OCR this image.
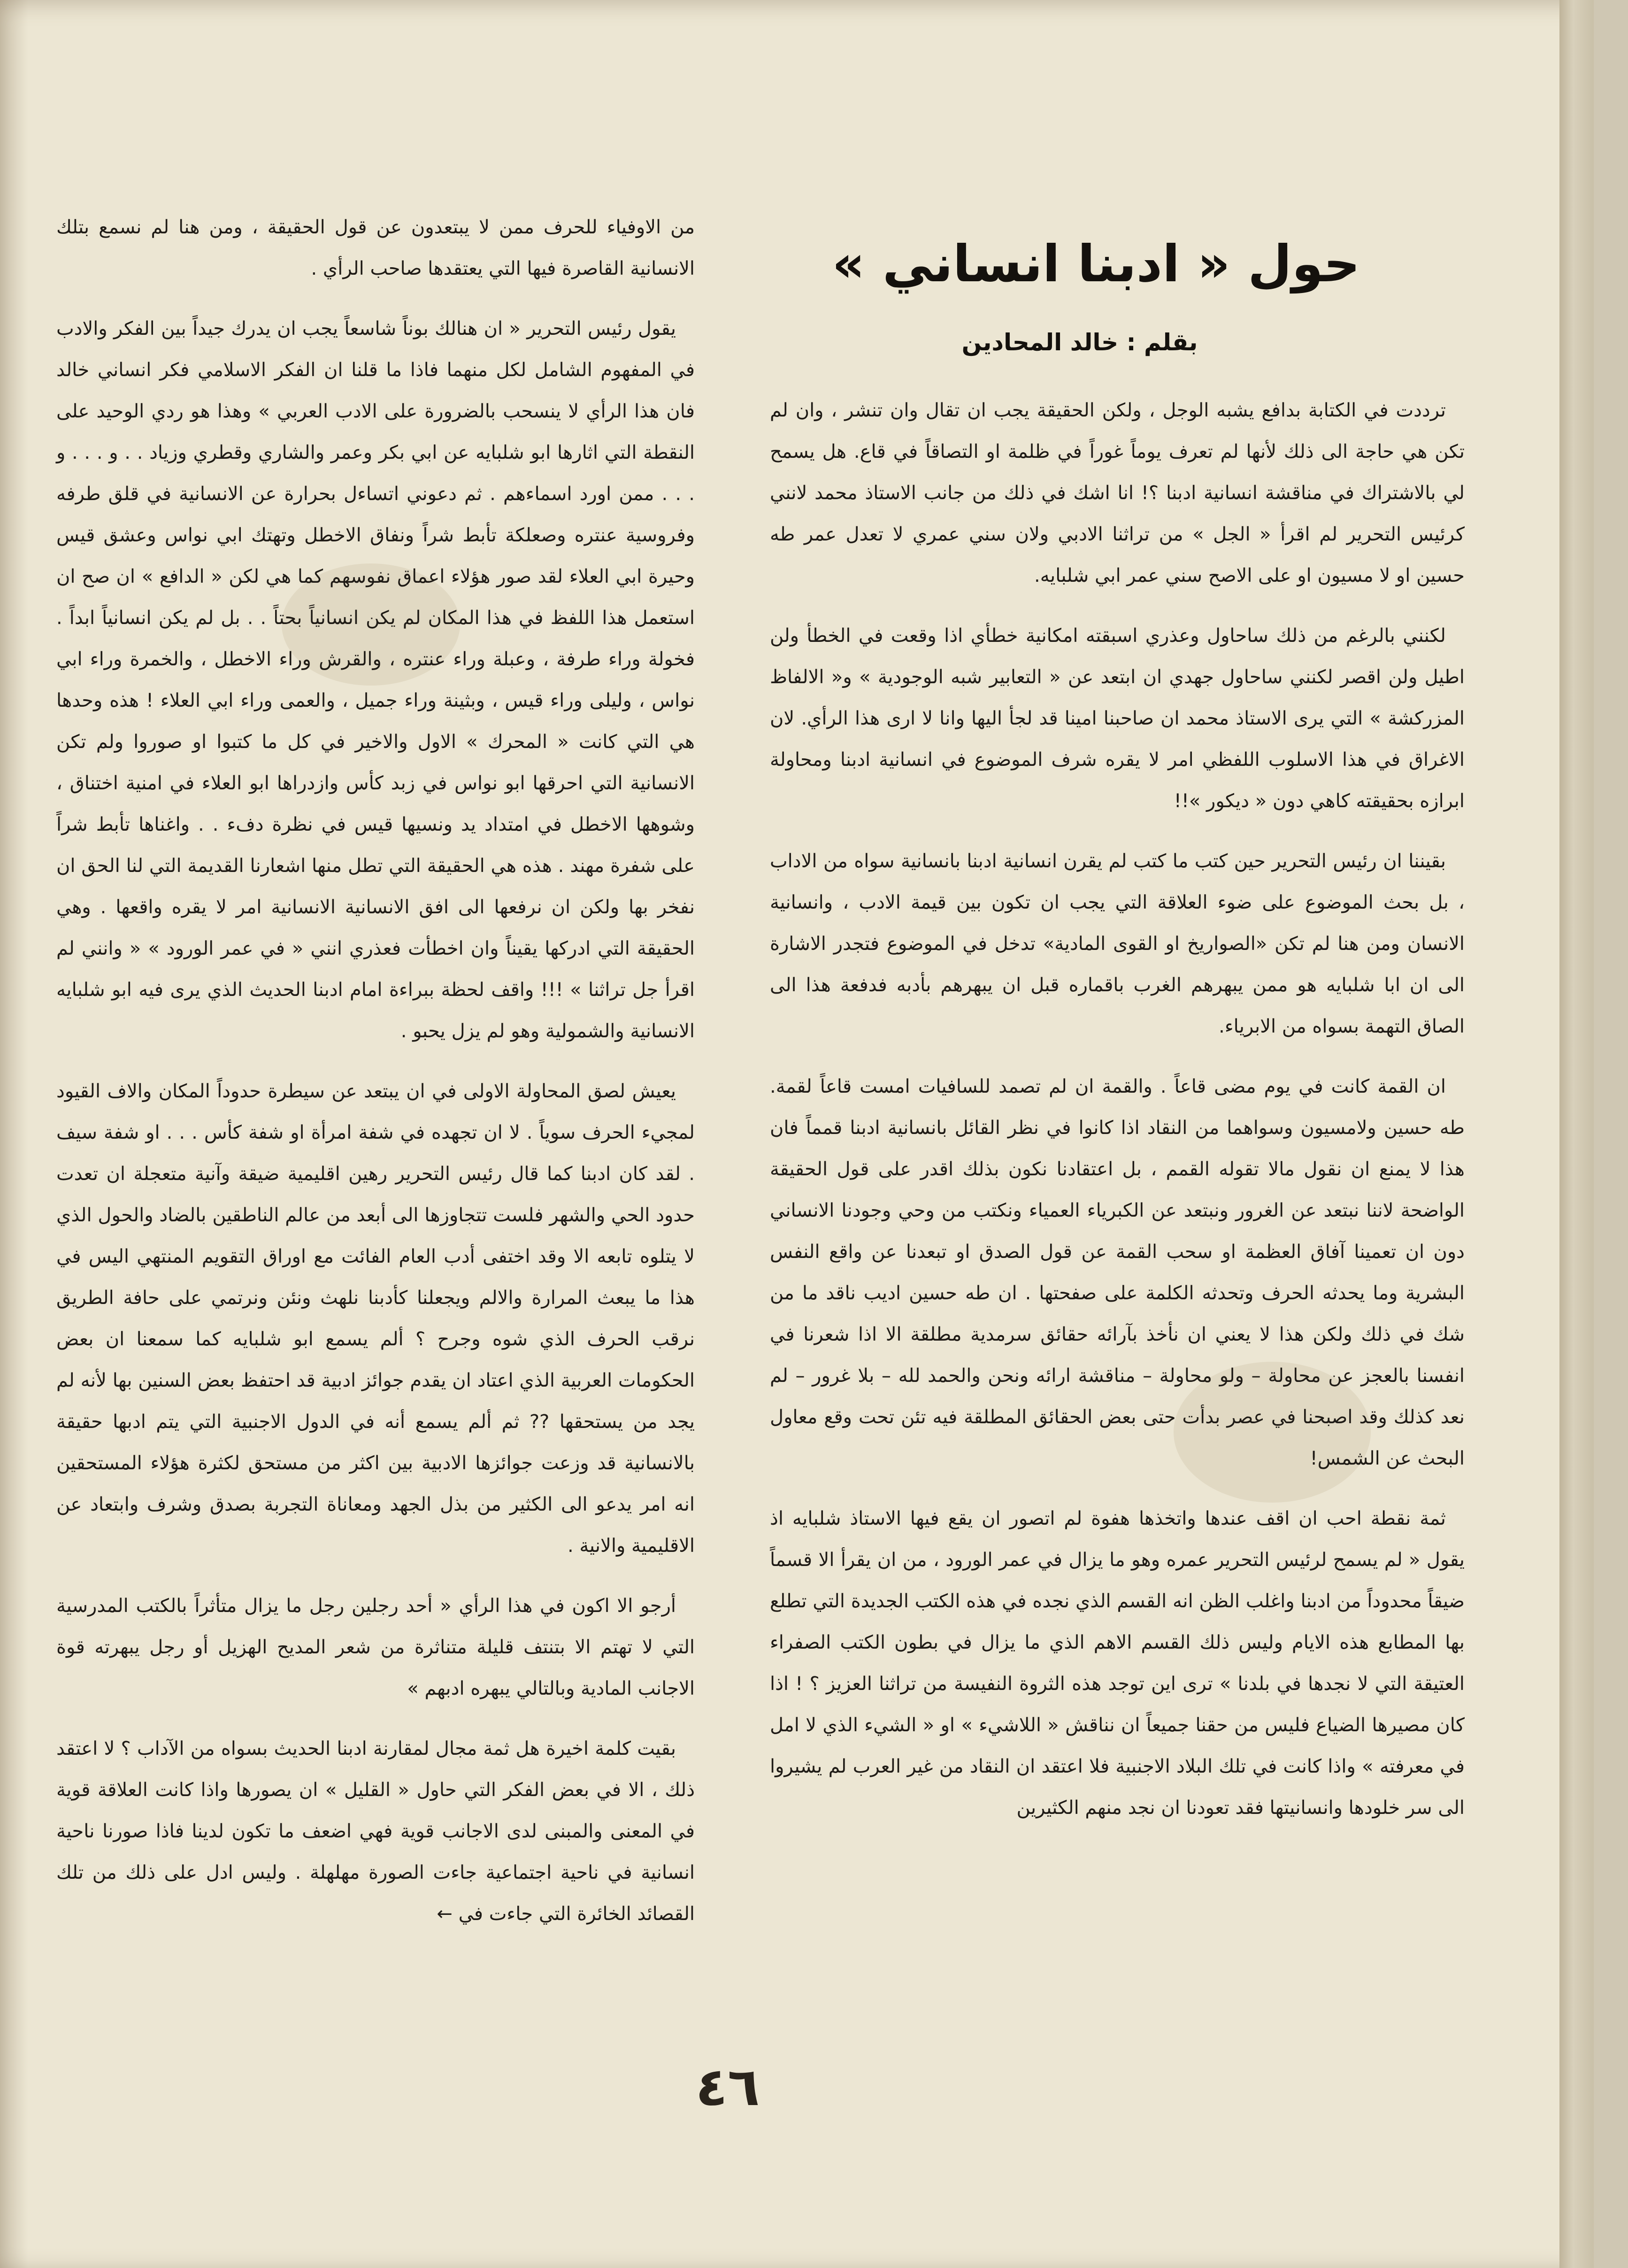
حول « ادبنا انساني »
بقلم : خالد المحادين

ترددت في الكتابة بدافع يشبه الوجل ، ولكن الحقيقة يجب ان تقال وان تنشر ، وان لم تكن هي حاجة الى ذلك لأنها لم تعرف يوماً غوراً في ظلمة او التصاقاً في قاع. هل يسمح لي بالاشتراك في مناقشة انسانية ادبنا ؟! انا اشك في ذلك من جانب الاستاذ محمد لانني كرئيس التحرير لم اقرأ « الجل » من تراثنا الادبي ولان سني عمري لا تعدل عمر طه حسين او لا مسيون او على الاصح سني عمر ابي شلبايه.

لكنني بالرغم من ذلك ساحاول وعذري اسبقته امكانية خطأي اذا وقعت في الخطأ ولن اطيل ولن اقصر لكنني ساحاول جهدي ان ابتعد عن « التعابير شبه الوجودية » و« الالفاظ المزركشة » التي يرى الاستاذ محمد ان صاحبنا امينا قد لجأ اليها وانا لا ارى هذا الرأي. لان الاغراق في هذا الاسلوب اللفظي امر لا يقره شرف الموضوع في انسانية ادبنا ومحاولة ابرازه بحقيقته كاهي دون « ديكور »!!

بقيننا ان رئيس التحرير حين كتب ما كتب لم يقرن انسانية ادبنا بانسانية سواه من الاداب ، بل بحث الموضوع على ضوء العلاقة التي يجب ان تكون بين قيمة الادب ، وانسانية الانسان ومن هنا لم تكن «الصواريخ او القوى المادية» تدخل في الموضوع فتجدر الاشارة الى ان ابا شلبايه هو ممن يبهرهم الغرب باقماره قبل ان يبهرهم بأدبه فدفعة هذا الى الصاق التهمة بسواه من الابرياء.

ان القمة كانت في يوم مضى قاعاً . والقمة ان لم تصمد للسافيات امست قاعاً لقمة. طه حسين ولامسيون وسواهما من النقاد اذا كانوا في نظر القائل بانسانية ادبنا قمماً فان هذا لا يمنع ان نقول مالا تقوله القمم ، بل اعتقادنا نكون بذلك اقدر على قول الحقيقة الواضحة لاننا نبتعد عن الغرور ونبتعد عن الكبرياء العمياء ونكتب من وحي وجودنا الانساني دون ان تعمينا آفاق العظمة او سحب القمة عن قول الصدق او تبعدنا عن واقع النفس البشرية وما يحدثه الحرف وتحدثه الكلمة على صفحتها . ان طه حسين اديب ناقد ما من شك في ذلك ولكن هذا لا يعني ان نأخذ بآرائه حقائق سرمدية مطلقة الا اذا شعرنا في انفسنا بالعجز عن محاولة – ولو محاولة – مناقشة ارائه ونحن والحمد لله – بلا غرور – لم نعد كذلك وقد اصبحنا في عصر بدأت حتى بعض الحقائق المطلقة فيه تئن تحت وقع معاول البحث عن الشمس!

ثمة نقطة احب ان اقف عندها واتخذها هفوة لم اتصور ان يقع فيها الاستاذ شلبايه اذ يقول « لم يسمح لرئيس التحرير عمره وهو ما يزال في عمر الورود ، من ان يقرأ الا قسماً ضيقاً محدوداً من ادبنا واغلب الظن انه القسم الذي نجده في هذه الكتب الجديدة التي تطلع بها المطابع هذه الايام وليس ذلك القسم الاهم الذي ما يزال في بطون الكتب الصفراء العتيقة التي لا نجدها في بلدنا » ترى اين توجد هذه الثروة النفيسة من تراثنا العزيز ؟ ! اذا كان مصيرها الضياع فليس من حقنا جميعاً ان نناقش « اللاشيء » او « الشيء الذي لا امل في معرفته » واذا كانت في تلك البلاد الاجنبية فلا اعتقد ان النقاد من غير العرب لم يشيروا الى سر خلودها وانسانيتها فقد تعودنا ان نجد منهم الكثيرين

من الاوفياء للحرف ممن لا يبتعدون عن قول الحقيقة ، ومن هنا لم نسمع بتلك الانسانية القاصرة فيها التي يعتقدها صاحب الرأي .

يقول رئيس التحرير « ان هنالك بوناً شاسعاً يجب ان يدرك جيداً بين الفكر والادب في المفهوم الشامل لكل منهما فاذا ما قلنا ان الفكر الاسلامي فكر انساني خالد فان هذا الرأي لا ينسحب بالضرورة على الادب العربي » وهذا هو ردي الوحيد على النقطة التي اثارها ابو شلبايه عن ابي بكر وعمر والشاري وقطري وزياد . . و . . . و . . . ممن اورد اسماءهم . ثم دعوني اتساءل بحرارة عن الانسانية في قلق طرفه وفروسية عنتره وصعلكة تأبط شراً ونفاق الاخطل وتهتك ابي نواس وعشق قيس وحيرة ابي العلاء لقد صور هؤلاء اعماق نفوسهم كما هي لكن « الدافع » ان صح ان استعمل هذا اللفظ في هذا المكان لم يكن انسانياً بحتاً . . بل لم يكن انسانياً ابداً . فخولة وراء طرفة ، وعبلة وراء عنتره ، والقرش وراء الاخطل ، والخمرة وراء ابي نواس ، وليلى وراء قيس ، وبثينة وراء جميل ، والعمى وراء ابي العلاء ! هذه وحدها هي التي كانت « المحرك » الاول والاخير في كل ما كتبوا او صوروا ولم تكن الانسانية التي احرقها ابو نواس في زبد كأس وازدراها ابو العلاء في امنية اختناق ، وشوهها الاخطل في امتداد يد ونسيها قيس في نظرة دفء . . واغناها تأبط شراً على شفرة مهند . هذه هي الحقيقة التي تطل منها اشعارنا القديمة التي لنا الحق ان نفخر بها ولكن ان نرفعها الى افق الانسانية الانسانية امر لا يقره واقعها . وهي الحقيقة التي ادركها يقيناً وان اخطأت فعذري انني « في عمر الورود » « وانني لم اقرأ جل تراثنا » !!! واقف لحظة ببراءة امام ادبنا الحديث الذي يرى فيه ابو شلبايه الانسانية والشمولية وهو لم يزل يحبو .

يعيش لصق المحاولة الاولى في ان يبتعد عن سيطرة حدوداً المكان والاف القيود لمجيء الحرف سوياً . لا ان تجهده في شفة امرأة او شفة كأس . . . او شفة سيف . لقد كان ادبنا كما قال رئيس التحرير رهين اقليمية ضيقة وآنية متعجلة ان تعدت حدود الحي والشهر فلست تتجاوزها الى أبعد من عالم الناطقين بالضاد والحول الذي لا يتلوه تابعه الا وقد اختفى أدب العام الفائت مع اوراق التقويم المنتهي اليس في هذا ما يبعث المرارة والالم ويجعلنا كأدبنا نلهث ونئن ونرتمي على حافة الطريق نرقب الحرف الذي شوه وجرح ؟ ألم يسمع ابو شلبايه كما سمعنا ان بعض الحكومات العربية الذي اعتاد ان يقدم جوائز ادبية قد احتفظ بعض السنين بها لأنه لم يجد من يستحقها ?? ثم ألم يسمع أنه في الدول الاجنبية التي يتم ادبها حقيقة بالانسانية قد وزعت جوائزها الادبية بين اكثر من مستحق لكثرة هؤلاء المستحقين انه امر يدعو الى الكثير من بذل الجهد ومعاناة التجربة بصدق وشرف وابتعاد عن الاقليمية والانية .

أرجو الا اكون في هذا الرأي « أحد رجلين رجل ما يزال متأثراً بالكتب المدرسية التي لا تهتم الا بتنتف قليلة متناثرة من شعر المديح الهزيل أو رجل يبهرته قوة الاجانب المادية وبالتالي يبهره ادبهم »

بقيت كلمة اخيرة هل ثمة مجال لمقارنة ادبنا الحديث بسواه من الآداب ؟ لا اعتقد ذلك ، الا في بعض الفكر التي حاول « القليل » ان يصورها واذا كانت العلاقة قوية في المعنى والمبنى لدى الاجانب قوية فهي اضعف ما تكون لدينا فاذا صورنا ناحية انسانية في ناحية اجتماعية جاءت الصورة مهلهلة . وليس ادل على ذلك من تلك القصائد الخائرة التي جاءت في ←

٤٦
